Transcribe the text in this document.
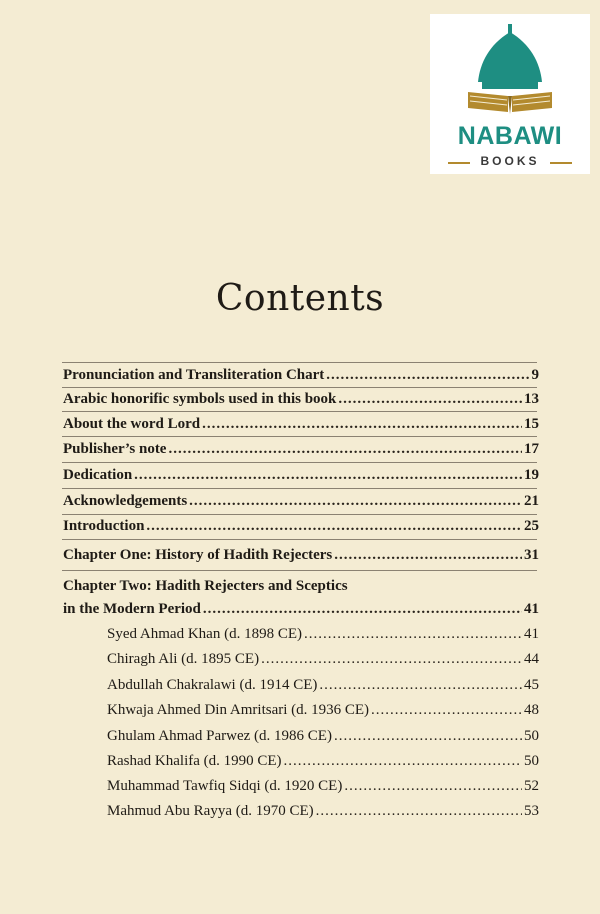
NABAWI
BOOKS
Contents
Pronunciation and Transliteration Chart .....	9
Arabic honorific symbols used in this book .....	13
About the word Lord .....	15
Publisher’s note .....	17
Dedication .....	19
Acknowledgements .....	21
Introduction .....	25
Chapter One: History of Hadith Rejecters .....	31
Chapter Two: Hadith Rejecters and Sceptics
in the Modern Period .....	41
Syed Ahmad Khan (d. 1898 CE) .....	41
Chiragh Ali (d. 1895 CE) .....	44
Abdullah Chakralawi (d. 1914 CE) .....	45
Khwaja Ahmed Din Amritsari (d. 1936 CE) .....	48
Ghulam Ahmad Parwez (d. 1986 CE) .....	50
Rashad Khalifa (d. 1990 CE) .....	50
Muhammad Tawfiq Sidqi (d. 1920 CE) .....	52
Mahmud Abu Rayya (d. 1970 CE) .....	53
